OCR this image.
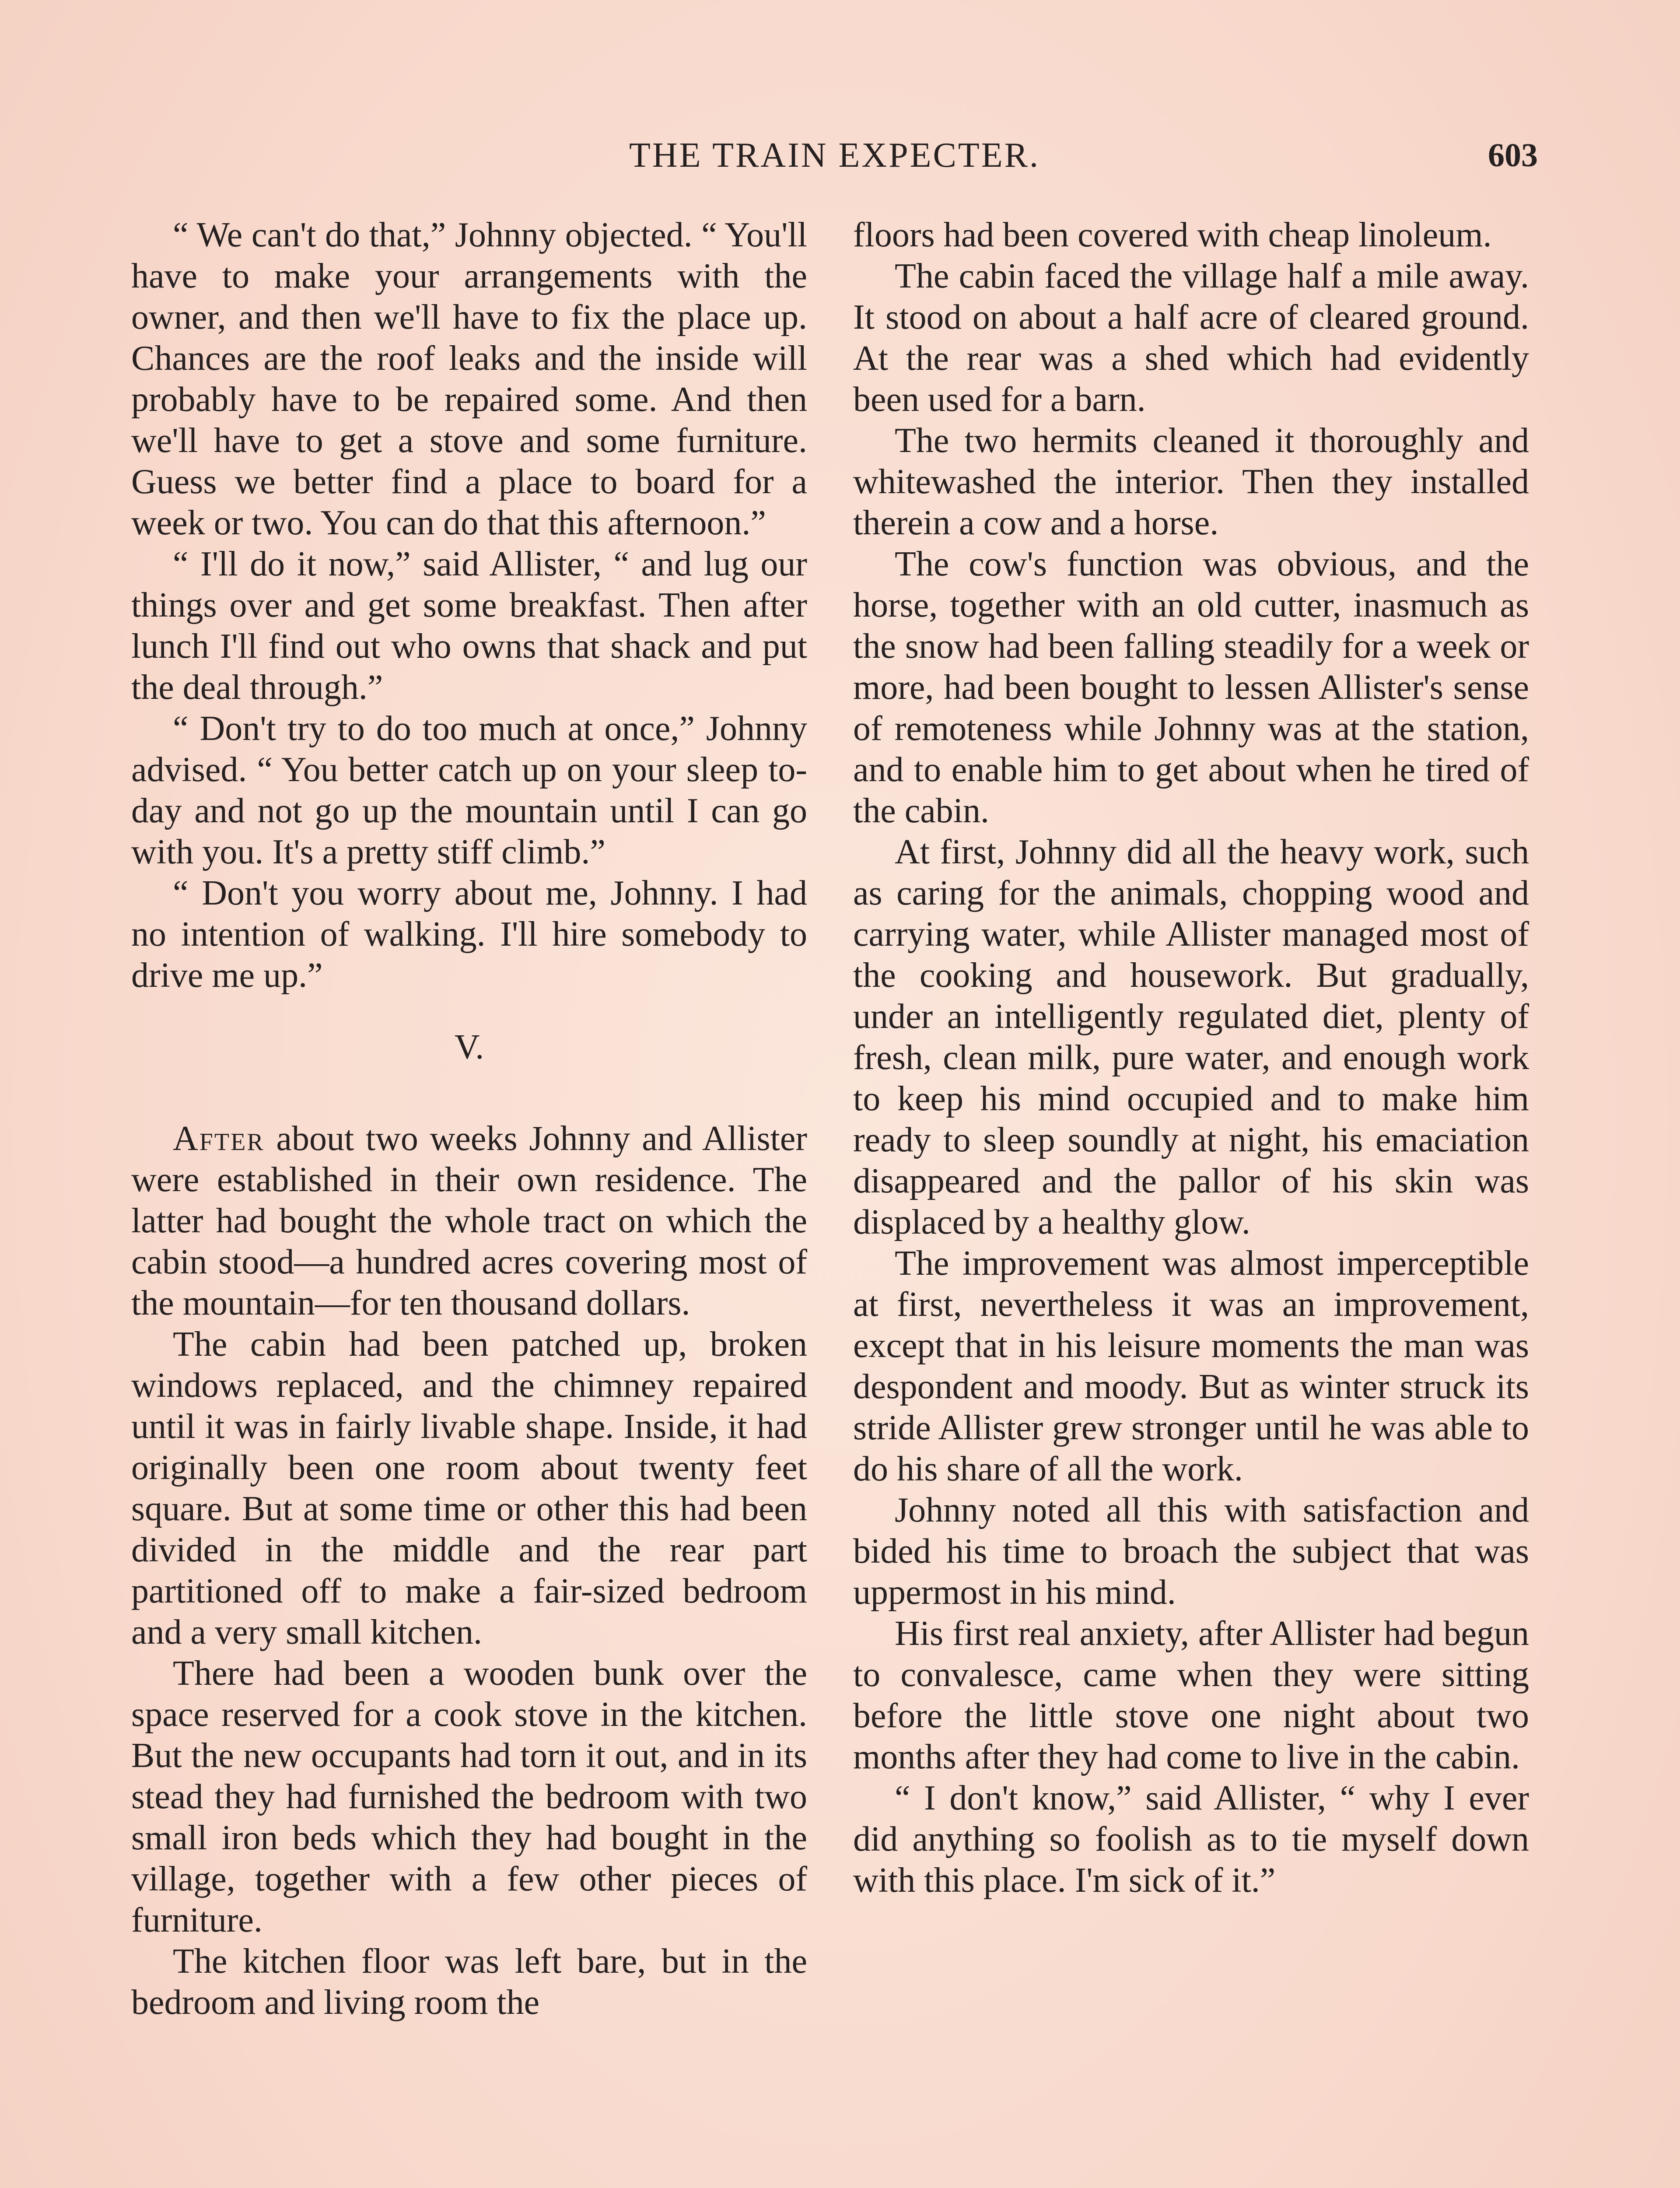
THE TRAIN EXPECTER.	603

“ We can't do that,” Johnny objected. “ You'll have to make your arrangements with the owner, and then we'll have to fix the place up. Chances are the roof leaks and the inside will probably have to be repaired some. And then we'll have to get a stove and some furniture. Guess we better find a place to board for a week or two. You can do that this afternoon.”

“ I'll do it now,” said Allister, “ and lug our things over and get some breakfast. Then after lunch I'll find out who owns that shack and put the deal through.”

“ Don't try to do too much at once,” Johnny advised. “ You better catch up on your sleep to-day and not go up the mountain until I can go with you. It's a pretty stiff climb.”

“ Don't you worry about me, Johnny. I had no intention of walking. I'll hire somebody to drive me up.”

V.

After about two weeks Johnny and Allister were established in their own residence. The latter had bought the whole tract on which the cabin stood—a hundred acres covering most of the mountain—for ten thousand dollars.

The cabin had been patched up, broken windows replaced, and the chimney repaired until it was in fairly livable shape. Inside, it had originally been one room about twenty feet square. But at some time or other this had been divided in the middle and the rear part partitioned off to make a fair-sized bedroom and a very small kitchen.

There had been a wooden bunk over the space reserved for a cook stove in the kitchen. But the new occupants had torn it out, and in its stead they had furnished the bedroom with two small iron beds which they had bought in the village, together with a few other pieces of furniture.

The kitchen floor was left bare, but in the bedroom and living room the

floors had been covered with cheap linoleum.

The cabin faced the village half a mile away. It stood on about a half acre of cleared ground. At the rear was a shed which had evidently been used for a barn.

The two hermits cleaned it thoroughly and whitewashed the interior. Then they installed therein a cow and a horse.

The cow's function was obvious, and the horse, together with an old cutter, inasmuch as the snow had been falling steadily for a week or more, had been bought to lessen Allister's sense of remoteness while Johnny was at the station, and to enable him to get about when he tired of the cabin.

At first, Johnny did all the heavy work, such as caring for the animals, chopping wood and carrying water, while Allister managed most of the cooking and housework. But gradually, under an intelligently regulated diet, plenty of fresh, clean milk, pure water, and enough work to keep his mind occupied and to make him ready to sleep soundly at night, his emaciation disappeared and the pallor of his skin was displaced by a healthy glow.

The improvement was almost imperceptible at first, nevertheless it was an improvement, except that in his leisure moments the man was despondent and moody. But as winter struck its stride Allister grew stronger until he was able to do his share of all the work.

Johnny noted all this with satisfaction and bided his time to broach the subject that was uppermost in his mind.

His first real anxiety, after Allister had begun to convalesce, came when they were sitting before the little stove one night about two months after they had come to live in the cabin.

“ I don't know,” said Allister, “ why I ever did anything so foolish as to tie myself down with this place. I'm sick of it.”
